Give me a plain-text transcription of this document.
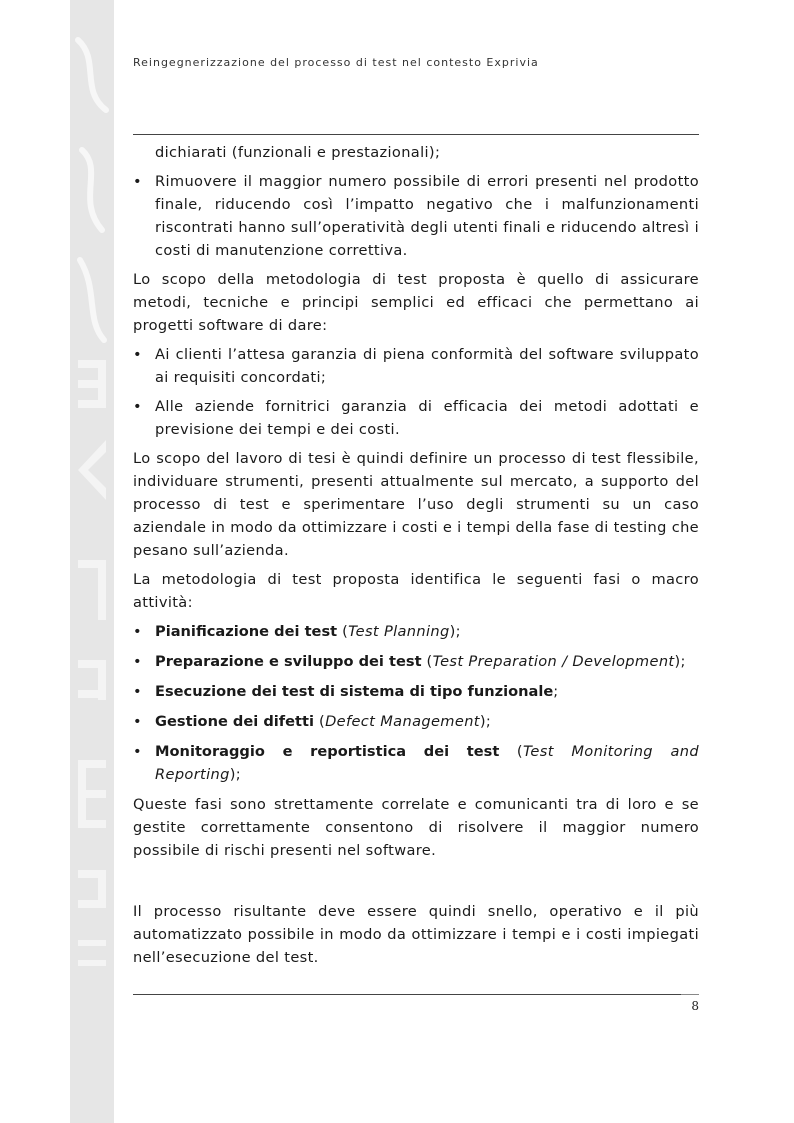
Reingegnerizzazione del processo di test nel contesto Exprivia

dichiarati (funzionali e prestazionali);

• Rimuovere il maggior numero possibile di errori presenti nel prodotto finale, riducendo così l’impatto negativo che i malfunzionamenti riscontrati hanno sull’operatività degli utenti finali e riducendo altresì i costi di manutenzione correttiva.

Lo scopo della metodologia di test proposta è quello di assicurare metodi, tecniche e principi semplici ed efficaci che permettano ai progetti software di dare:

• Ai clienti l’attesa garanzia di piena conformità del software sviluppato ai requisiti concordati;
• Alle aziende fornitrici garanzia di efficacia dei metodi adottati e previsione dei tempi e dei costi.

Lo scopo del lavoro di tesi è quindi definire un processo di test flessibile, individuare strumenti, presenti attualmente sul mercato, a supporto del processo di test e sperimentare l’uso degli strumenti su un caso aziendale in modo da ottimizzare i costi e i tempi della fase di testing che pesano sull’azienda.

La metodologia di test proposta identifica le seguenti fasi o macro attività:

• Pianificazione dei test (Test Planning);
• Preparazione e sviluppo dei test (Test Preparation / Development);
• Esecuzione dei test di sistema di tipo funzionale;
• Gestione dei difetti (Defect Management);
• Monitoraggio e reportistica dei test (Test Monitoring and Reporting);

Queste fasi sono strettamente correlate e comunicanti tra di loro e se gestite correttamente consentono di risolvere il maggior numero possibile di rischi presenti nel software.

Il processo risultante deve essere quindi snello, operativo e il più automatizzato possibile in modo da ottimizzare i tempi e i costi impiegati nell’esecuzione del test.

8
